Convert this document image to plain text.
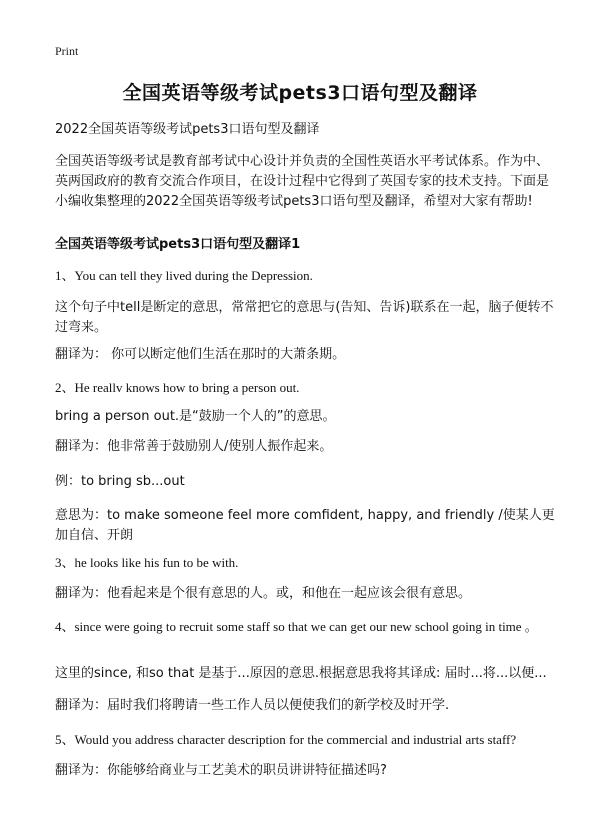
Print
全国英语等级考试pets3口语句型及翻译
2022全国英语等级考试pets3口语句型及翻译
全国英语等级考试是教育部考试中心设计并负责的全国性英语水平考试体系。作为中、英两国政府的教育交流合作项目，在设计过程中它得到了英国专家的技术支持。下面是小编收集整理的2022全国英语等级考试pets3口语句型及翻译，希望对大家有帮助!
全国英语等级考试pets3口语句型及翻译1
1、You can tell they lived during the Depression.
这个句子中tell是断定的意思，常常把它的意思与(告知、告诉)联系在一起，脑子便转不过弯来。
翻译为： 你可以断定他们生活在那时的大萧条期。
2、He reallv knows how to bring a person out.
bring a person out.是“鼓励一个人的”的意思。
翻译为：他非常善于鼓励别人/使别人振作起来。
例：to bring sb...out
意思为：to make someone feel more comfident, happy, and friendly /使某人更加自信、开朗
3、he looks like his fun to be with.
翻译为：他看起来是个很有意思的人。或，和他在一起应该会很有意思。
4、since were going to recruit some staff so that we can get our new school going in time 。
这里的since, 和so that 是基于...原因的意思.根据意思我将其译成: 届时...将...以便...
翻译为：届时我们将聘请一些工作人员以便使我们的新学校及时开学.
5、Would you address character description for the commercial and industrial arts staff?
翻译为：你能够给商业与工艺美术的职员讲讲特征描述吗?
